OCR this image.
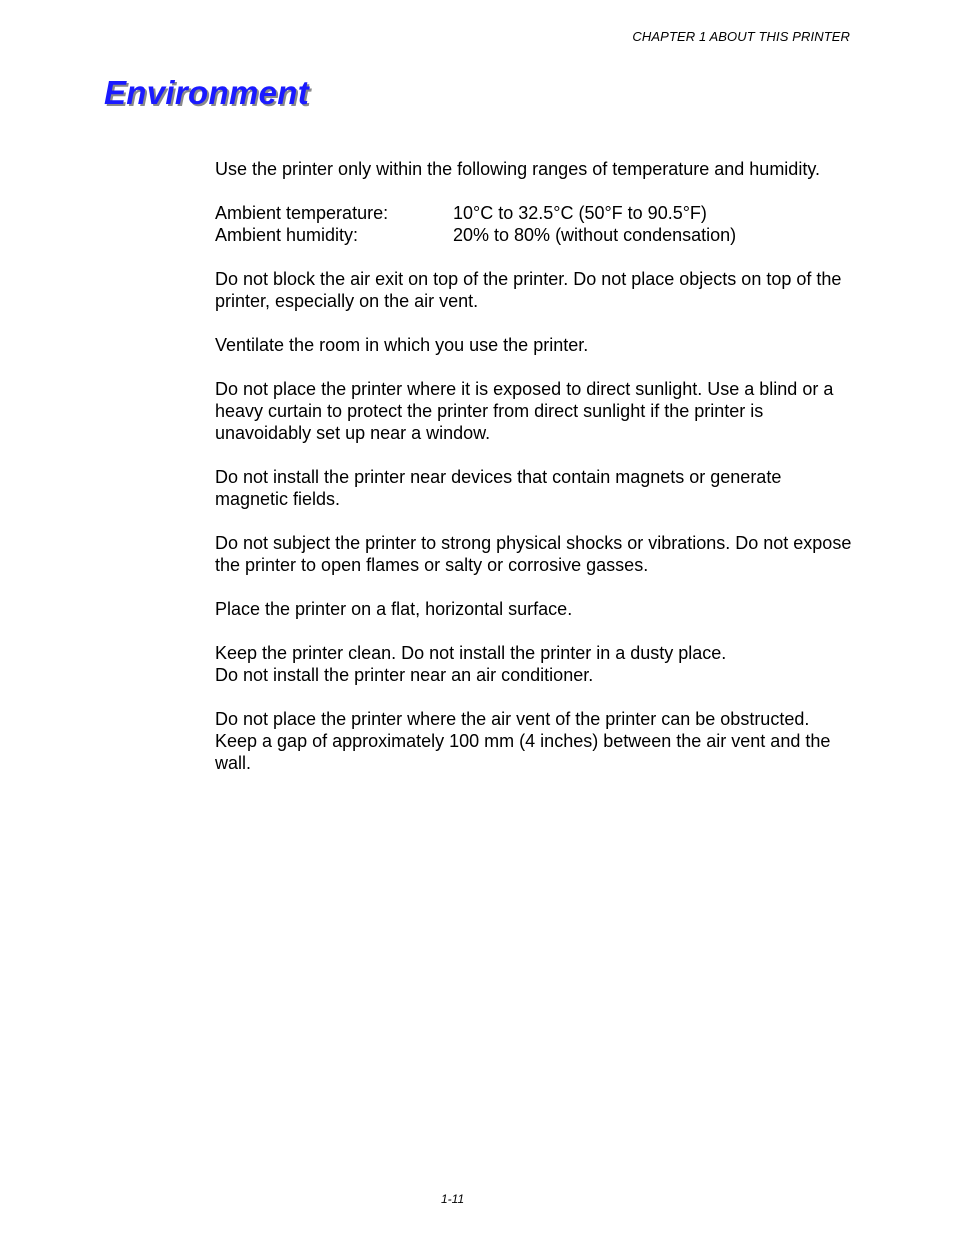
CHAPTER 1 ABOUT THIS PRINTER
Environment

Use the printer only within the following ranges of temperature and humidity.

Ambient temperature:	10°C to 32.5°C (50°F to 90.5°F)
Ambient humidity:	20% to 80% (without condensation)

Do not block the air exit on top of the printer. Do not place objects on top of the printer, especially on the air vent.

Ventilate the room in which you use the printer.

Do not place the printer where it is exposed to direct sunlight. Use a blind or a heavy curtain to protect the printer from direct sunlight if the printer is unavoidably set up near a window.

Do not install the printer near devices that contain magnets or generate magnetic fields.

Do not subject the printer to strong physical shocks or vibrations. Do not expose the printer to open flames or salty or corrosive gasses.

Place the printer on a flat, horizontal surface.

Keep the printer clean. Do not install the printer in a dusty place.
Do not install the printer near an air conditioner.

Do not place the printer where the air vent of the printer can be obstructed. Keep a gap of approximately 100 mm (4 inches) between the air vent and the wall.

1-11
